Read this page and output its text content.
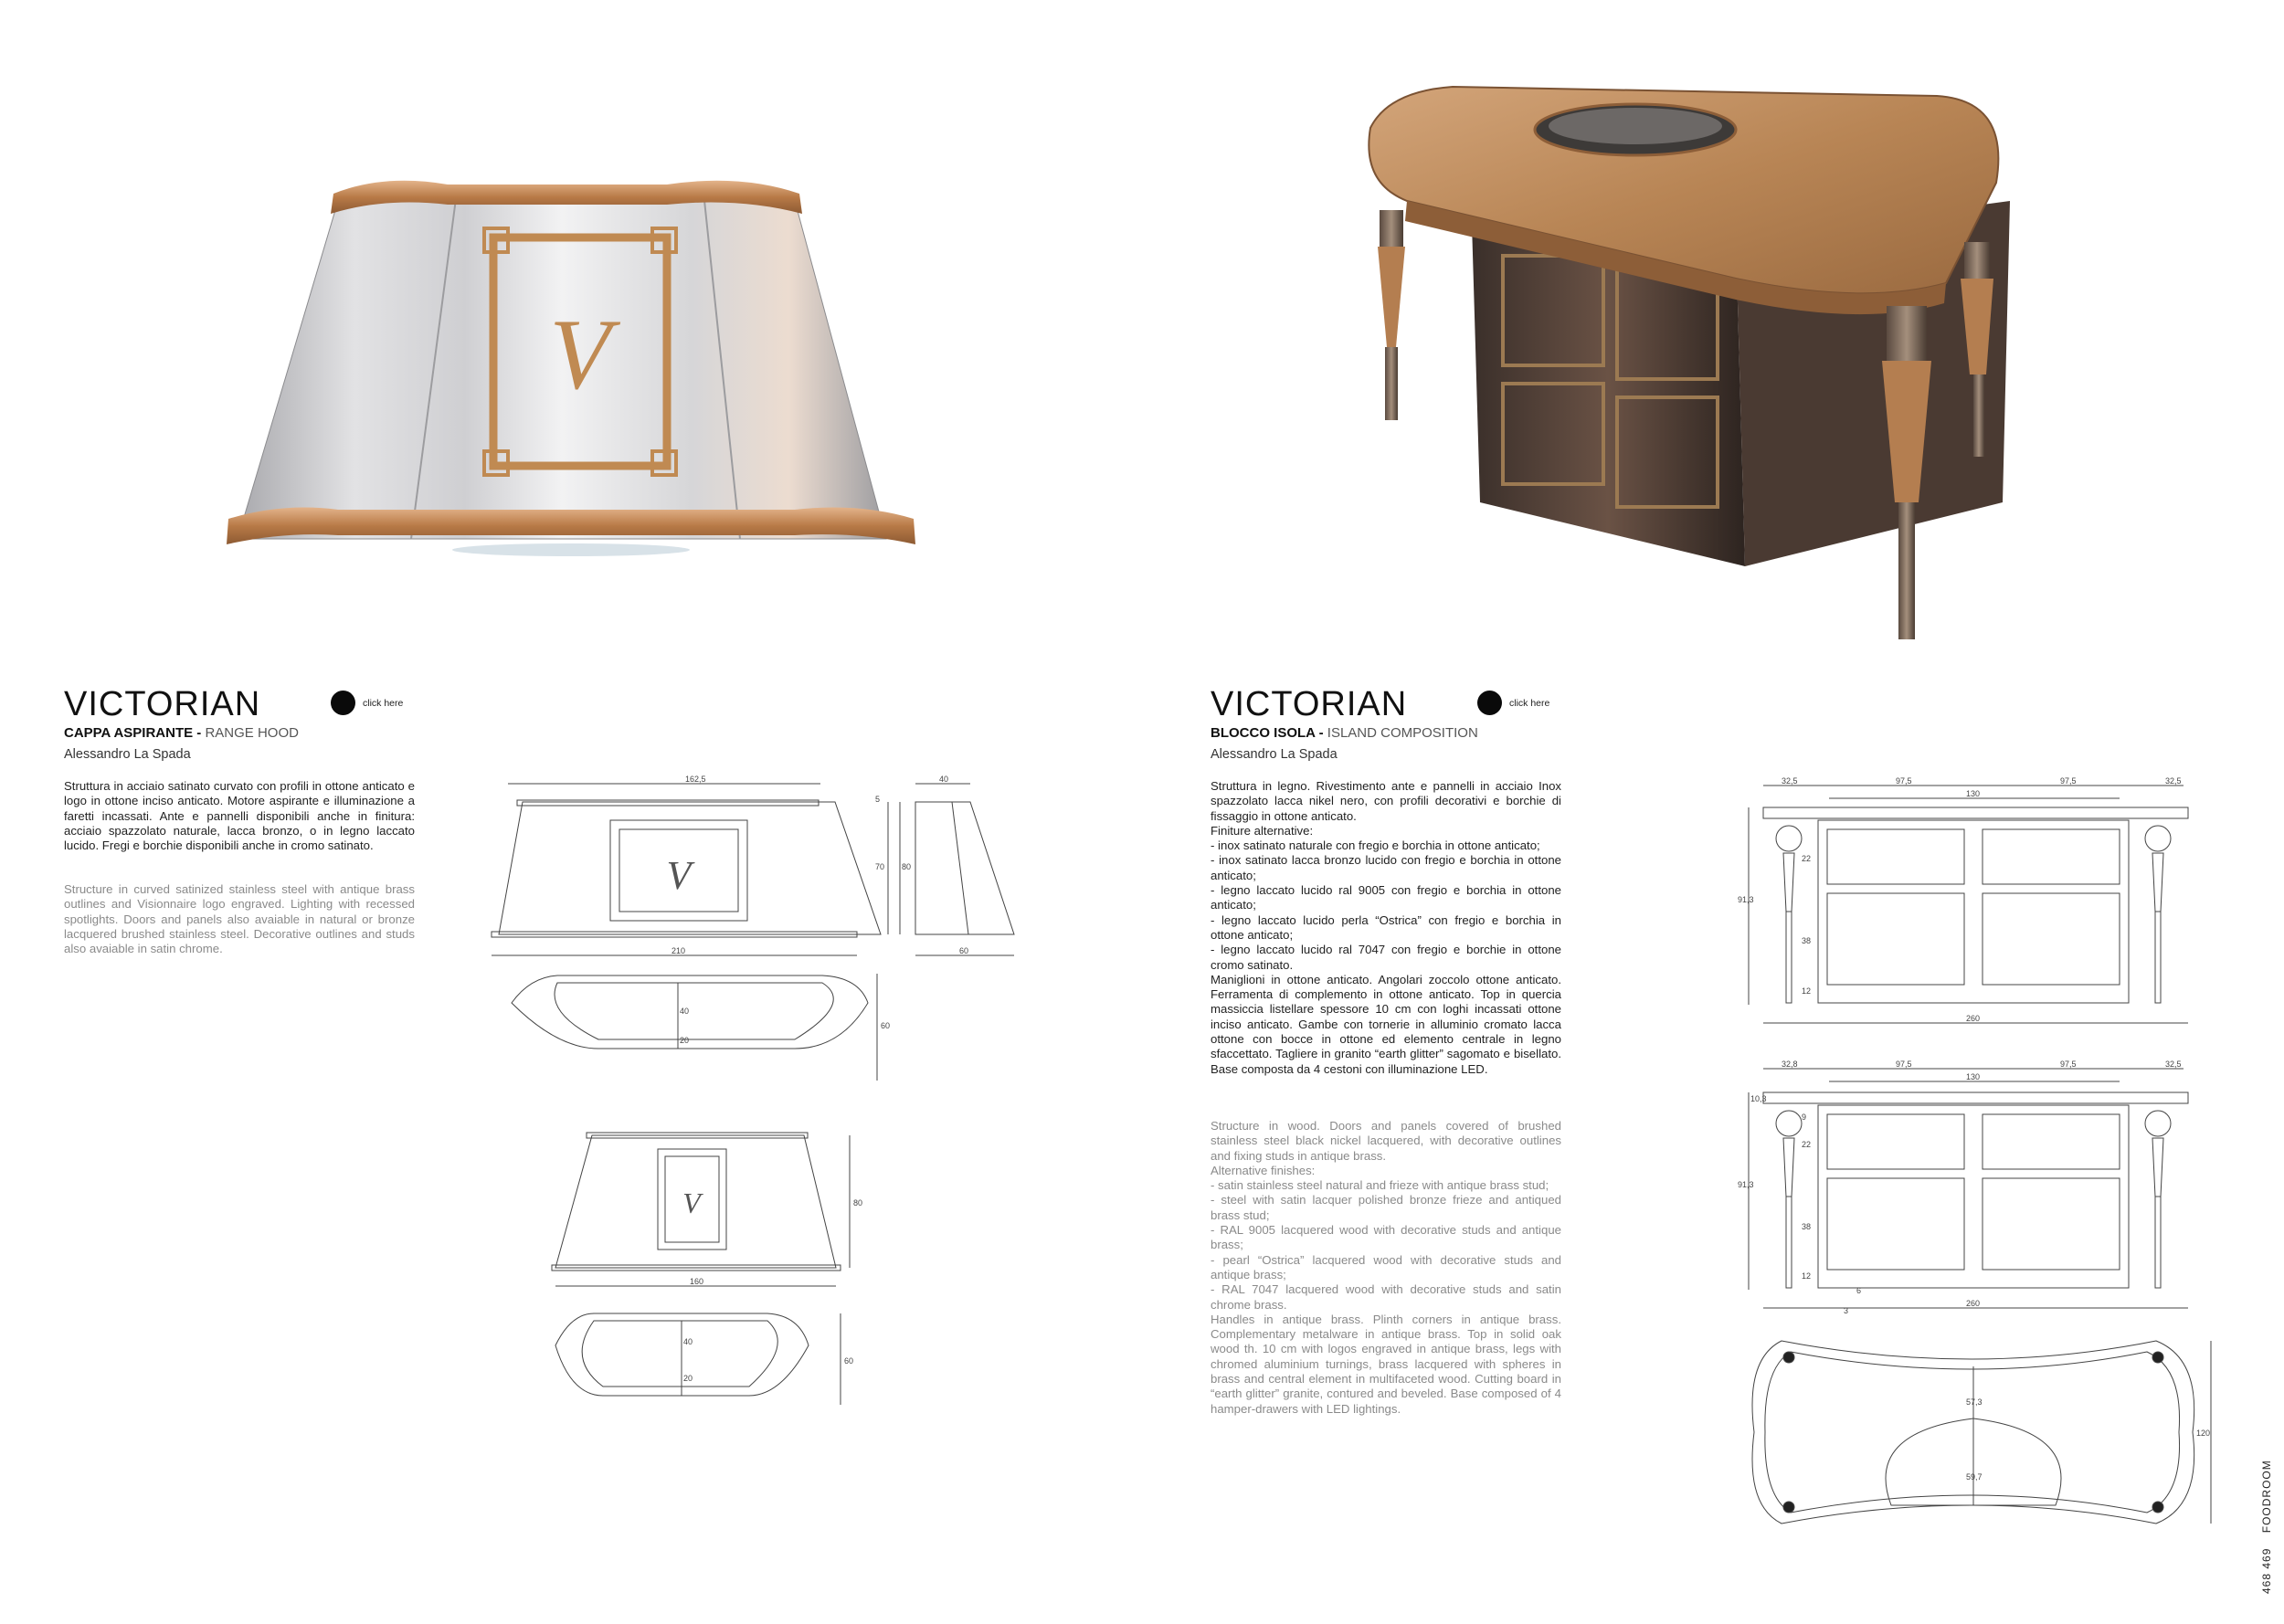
V
VICTORIAN	click here
CAPPA ASPIRANTE - RANGE HOOD
Alessandro La Spada
Struttura in acciaio satinato curvato con profili in ottone anticato e logo in ottone inciso anticato. Motore aspirante e illuminazione a faretti incassati. Ante e pannelli disponibili anche in finitura: acciaio spazzolato naturale, lacca bronzo, o in legno laccato lucido. Fregi e borchie disponibili anche in cromo satinato.
Structure in curved satinized stainless steel with antique brass outlines and Visionnaire logo engraved. Lighting with recessed spotlights. Doors and panels also avaiable in natural or bronze lacquered brushed stainless steel. Decorative outlines and studs also avaiable in satin chrome.
162,5
V
210
40
60
70
5
80
40
20
60
V
160
80
40
20
60
VICTORIAN	click here
BLOCCO ISOLA - ISLAND COMPOSITION
Alessandro La Spada

Struttura in legno. Rivestimento ante e pannelli in acciaio Inox spazzolato lacca nikel nero, con profili decorativi e borchie di fissaggio in ottone anticato.

Finiture alternative:

- inox satinato naturale con fregio e borchia in ottone anticato;

- inox satinato lacca bronzo lucido con fregio e borchia in ottone anticato;

- legno laccato lucido ral 9005 con fregio e borchia in ottone anticato;

- legno laccato lucido perla “Ostrica” con fregio e borchia in ottone anticato;

- legno laccato lucido ral 7047 con fregio e borchie in ottone cromo satinato.

Maniglioni in ottone anticato. Angolari zoccolo ottone anticato. Ferramenta di complemento in ottone anticato. Top in quercia massiccia listellare spessore 10 cm con loghi incassati ottone inciso anticato. Gambe con tornerie in alluminio cromato lacca ottone con bocce in ottone ed elemento centrale in legno sfaccettato. Tagliere in granito “earth glitter” sagomato e bisellato. Base composta da 4 cestoni con illuminazione LED.

Structure in wood. Doors and panels covered of brushed stainless steel black nickel lacquered, with decorative outlines and fixing studs in antique brass.

Alternative finishes:

- satin stainless steel natural and frieze with antique brass stud;

- steel with satin lacquer polished bronze frieze and antiqued brass stud;

- RAL 9005 lacquered wood with decorative studs and antique brass;

- pearl “Ostrica” lacquered wood with decorative studs and antique brass;

- RAL 7047 lacquered wood with decorative studs and satin chrome brass.

Handles in antique brass. Plinth corners in antique brass. Complementary metalware in antique brass. Top in solid oak wood th. 10 cm with logos engraved in antique brass, legs with chromed aluminium turnings, brass lacquered with spheres in brass and central element in multifaceted wood. Cutting board in “earth glitter” granite, contured and beveled. Base composed of 4 hamper-drawers with LED lightings.

32,5	97,5	97,5	32,5
130
91,3
22
38
12
260
32,8	97,5	97,5	32,5
130
91,3
10,3
9
22
38
12
6
3
260
57,3
59,7
120
468 469 FOODROOM
